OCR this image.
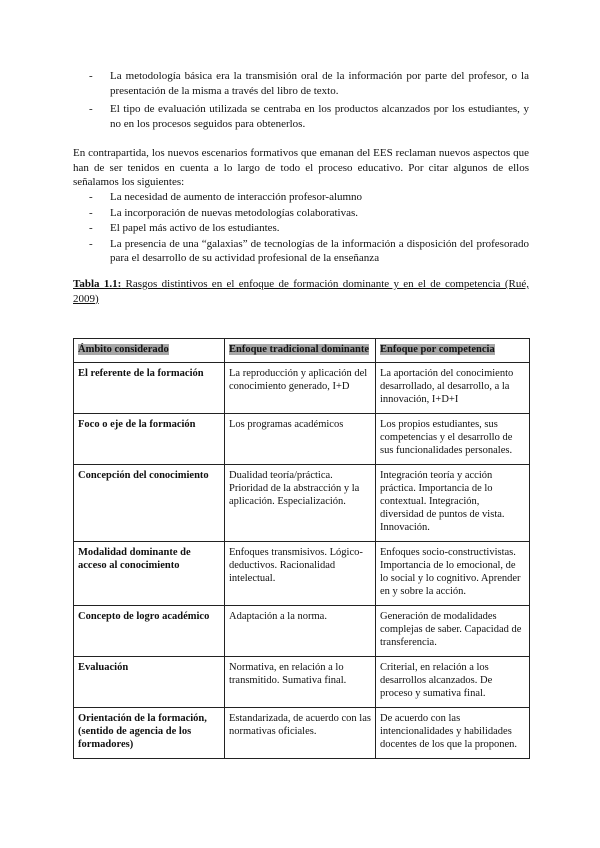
- La metodología básica era la transmisión oral de la información por parte del profesor, o la presentación de la misma a través del libro de texto.
- El tipo de evaluación utilizada se centraba en los productos alcanzados por los estudiantes, y no en los procesos seguidos para obtenerlos.

En contrapartida, los nuevos escenarios formativos que emanan del EES reclaman nuevos aspectos que han de ser tenidos en cuenta a lo largo de todo el proceso educativo. Por citar algunos de ellos señalamos los siguientes:

- La necesidad de aumento de interacción profesor-alumno
- La incorporación de nuevas metodologías colaborativas.
- El papel más activo de los estudiantes.
- La presencia de una “galaxias” de tecnologías de la información a disposición del profesorado para el desarrollo de su actividad profesional de la enseñanza

Tabla 1.1: Rasgos distintivos en el enfoque de formación dominante y en el de competencia (Rué, 2009)

Ámbito considerado	Enfoque tradicional dominante	Enfoque por competencia
El referente de la formación	La reproducción y aplicación del conocimiento generado, I+D	La aportación del conocimiento desarrollado, al desarrollo, a la innovación, I+D+I
Foco o eje de la formación	Los programas académicos	Los propios estudiantes, sus competencias y el desarrollo de sus funcionalidades personales.
Concepción del conocimiento	Dualidad teoría/práctica. Prioridad de la abstracción y la aplicación. Especialización.	Integración teoría y acción práctica. Importancia de lo contextual. Integración, diversidad de puntos de vista. Innovación.
Modalidad dominante de acceso al conocimiento	Enfoques transmisivos. Lógico-deductivos. Racionalidad intelectual.	Enfoques socio-constructivistas. Importancia de lo emocional, de lo social y lo cognitivo. Aprender en y sobre la acción.
Concepto de logro académico	Adaptación a la norma.	Generación de modalidades complejas de saber. Capacidad de transferencia.
Evaluación	Normativa, en relación a lo transmitido. Sumativa final.	Criterial, en relación a los desarrollos alcanzados. De proceso y sumativa final.
Orientación de la formación, (sentido de agencia de los formadores)	Estandarizada, de acuerdo con las normativas oficiales.	De acuerdo con las intencionalidades y habilidades docentes de los que la proponen.
